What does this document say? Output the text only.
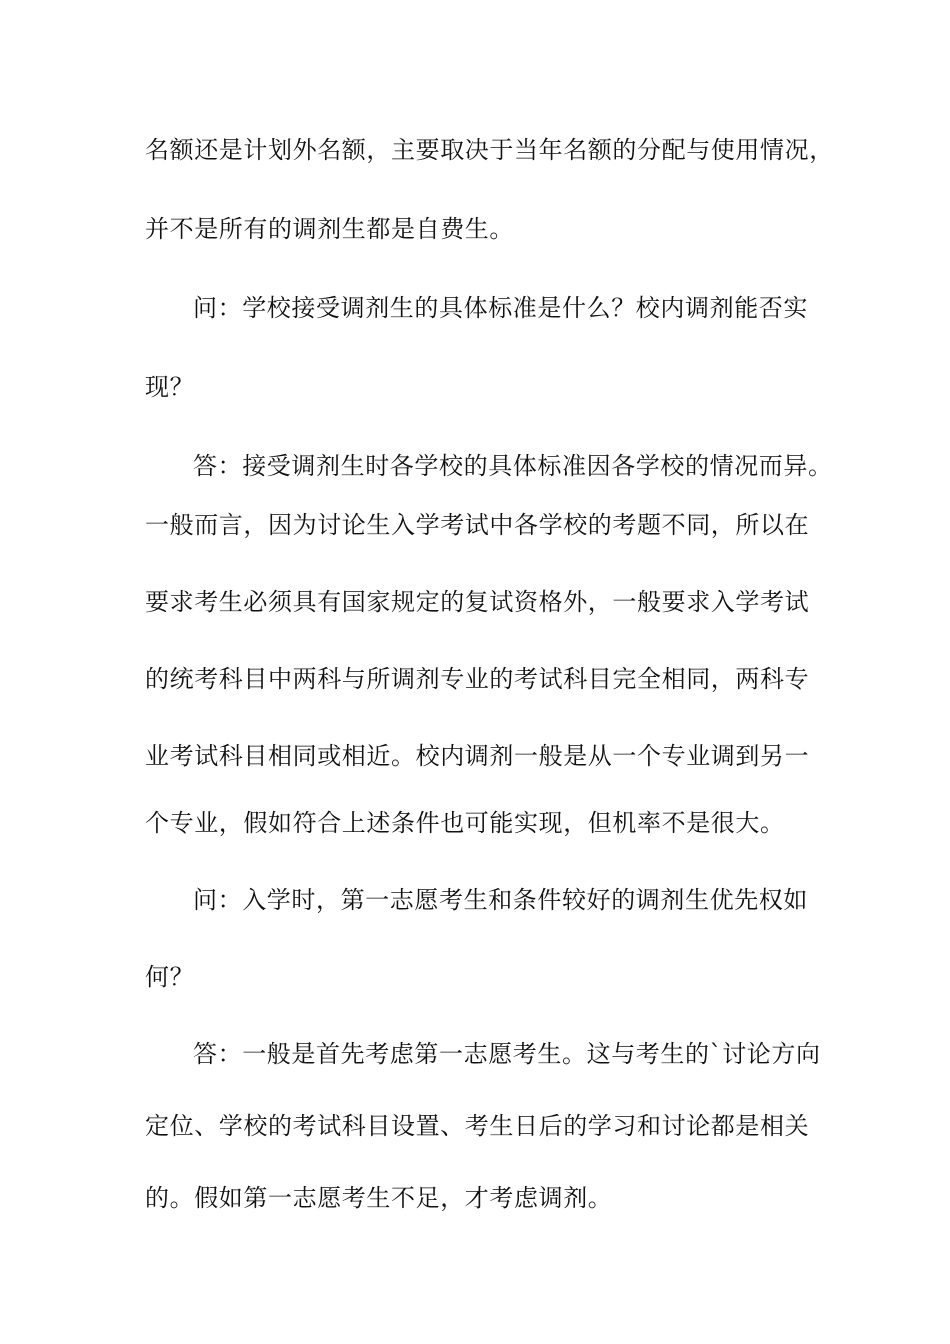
名额还是计划外名额，主要取决于当年名额的分配与使用情况，
并不是所有的调剂生都是自费生。
问：学校接受调剂生的具体标准是什么？校内调剂能否实
现？
答：接受调剂生时各学校的具体标准因各学校的情况而异。
一般而言，因为讨论生入学考试中各学校的考题不同，所以在
要求考生必须具有国家规定的复试资格外，一般要求入学考试
的统考科目中两科与所调剂专业的考试科目完全相同，两科专
业考试科目相同或相近。校内调剂一般是从一个专业调到另一
个专业，假如符合上述条件也可能实现，但机率不是很大。
问：入学时，第一志愿考生和条件较好的调剂生优先权如
何？
答：一般是首先考虑第一志愿考生。这与考生的`讨论方向
定位、学校的考试科目设置、考生日后的学习和讨论都是相关
的。假如第一志愿考生不足，才考虑调剂。
